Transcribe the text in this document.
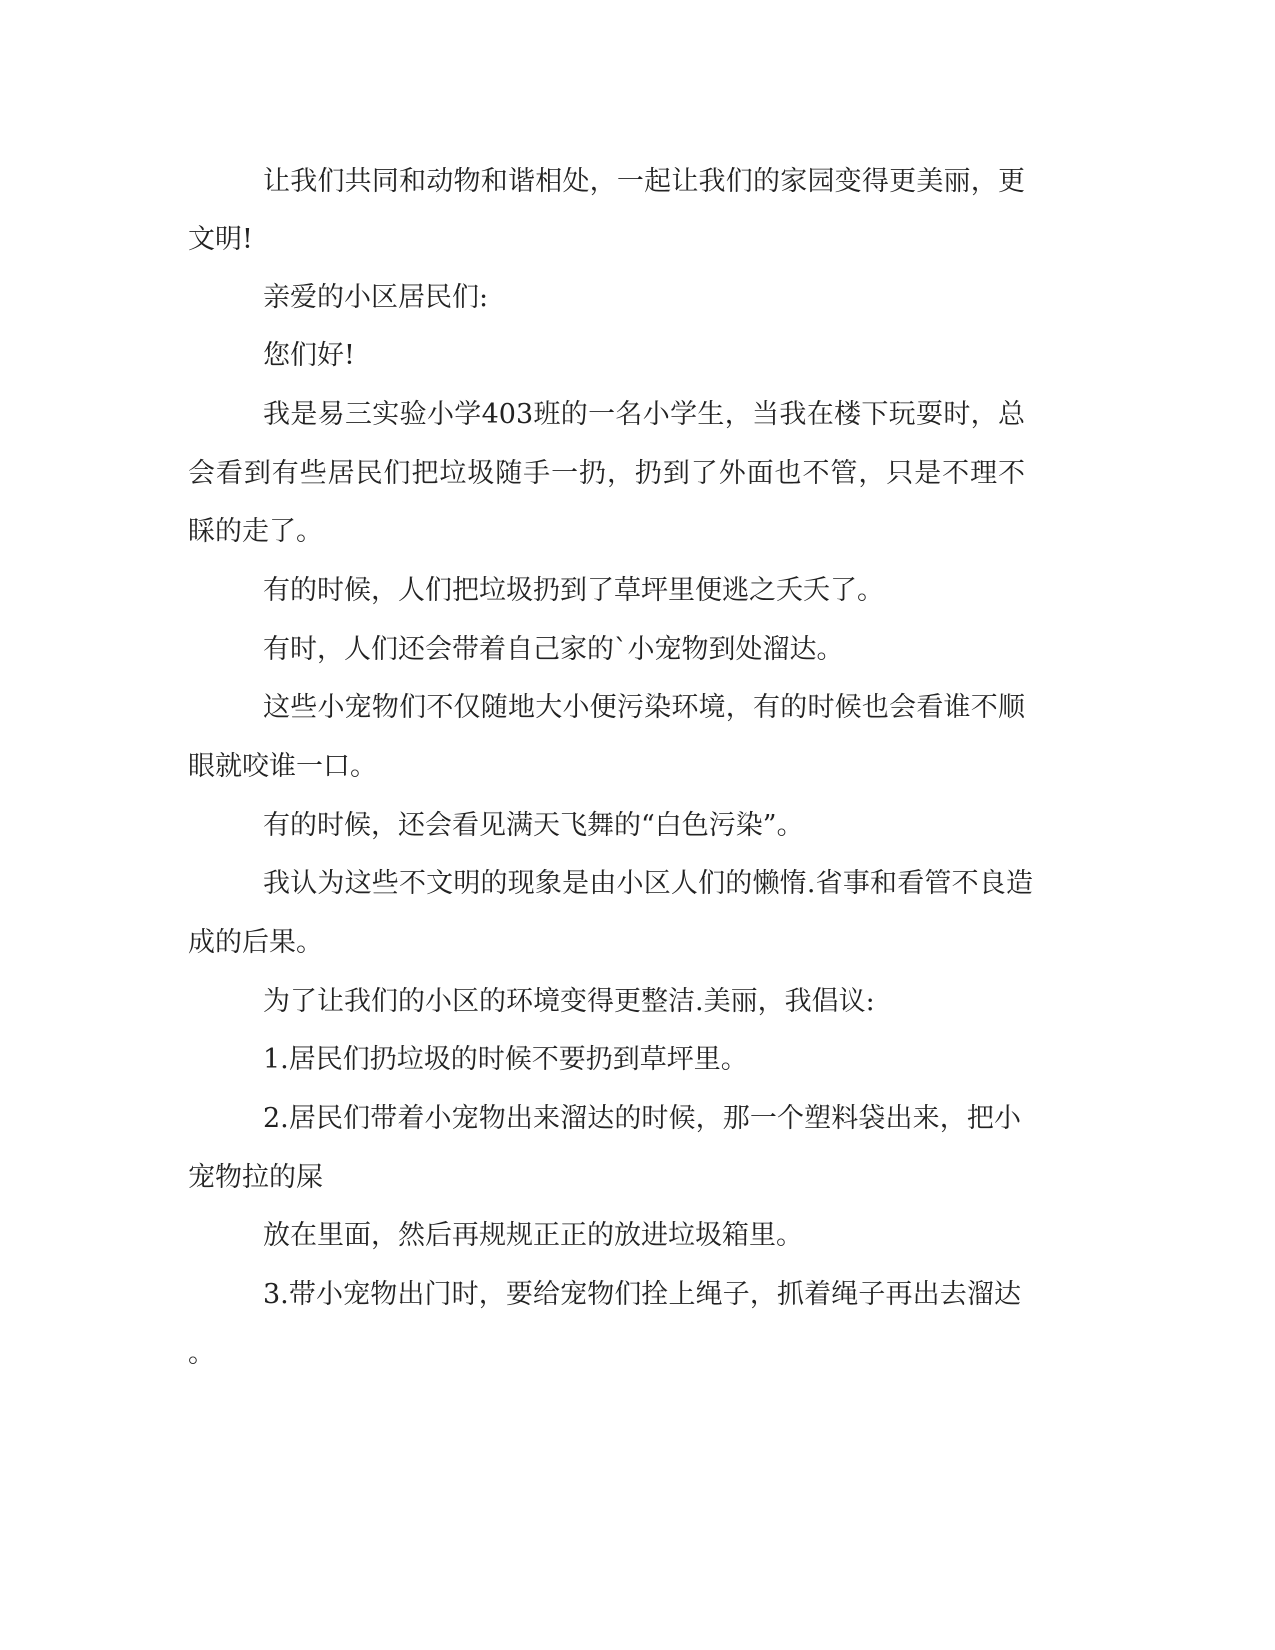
让我们共同和动物和谐相处，一起让我们的家园变得更美丽，更

文明!

亲爱的小区居民们:

您们好!

我是易三实验小学403班的一名小学生，当我在楼下玩耍时，总

会看到有些居民们把垃圾随手一扔，扔到了外面也不管，只是不理不

睬的走了。

有的时候，人们把垃圾扔到了草坪里便逃之夭夭了。

有时，人们还会带着自己家的`小宠物到处溜达。

这些小宠物们不仅随地大小便污染环境，有的时候也会看谁不顺

眼就咬谁一口。

有的时候，还会看见满天飞舞的“白色污染”。

我认为这些不文明的现象是由小区人们的懒惰.省事和看管不良造

成的后果。

为了让我们的小区的环境变得更整洁.美丽，我倡议:

1.居民们扔垃圾的时候不要扔到草坪里。

2.居民们带着小宠物出来溜达的时候，那一个塑料袋出来，把小

宠物拉的屎

放在里面，然后再规规正正的放进垃圾箱里。

3.带小宠物出门时，要给宠物们拴上绳子，抓着绳子再出去溜达

。
